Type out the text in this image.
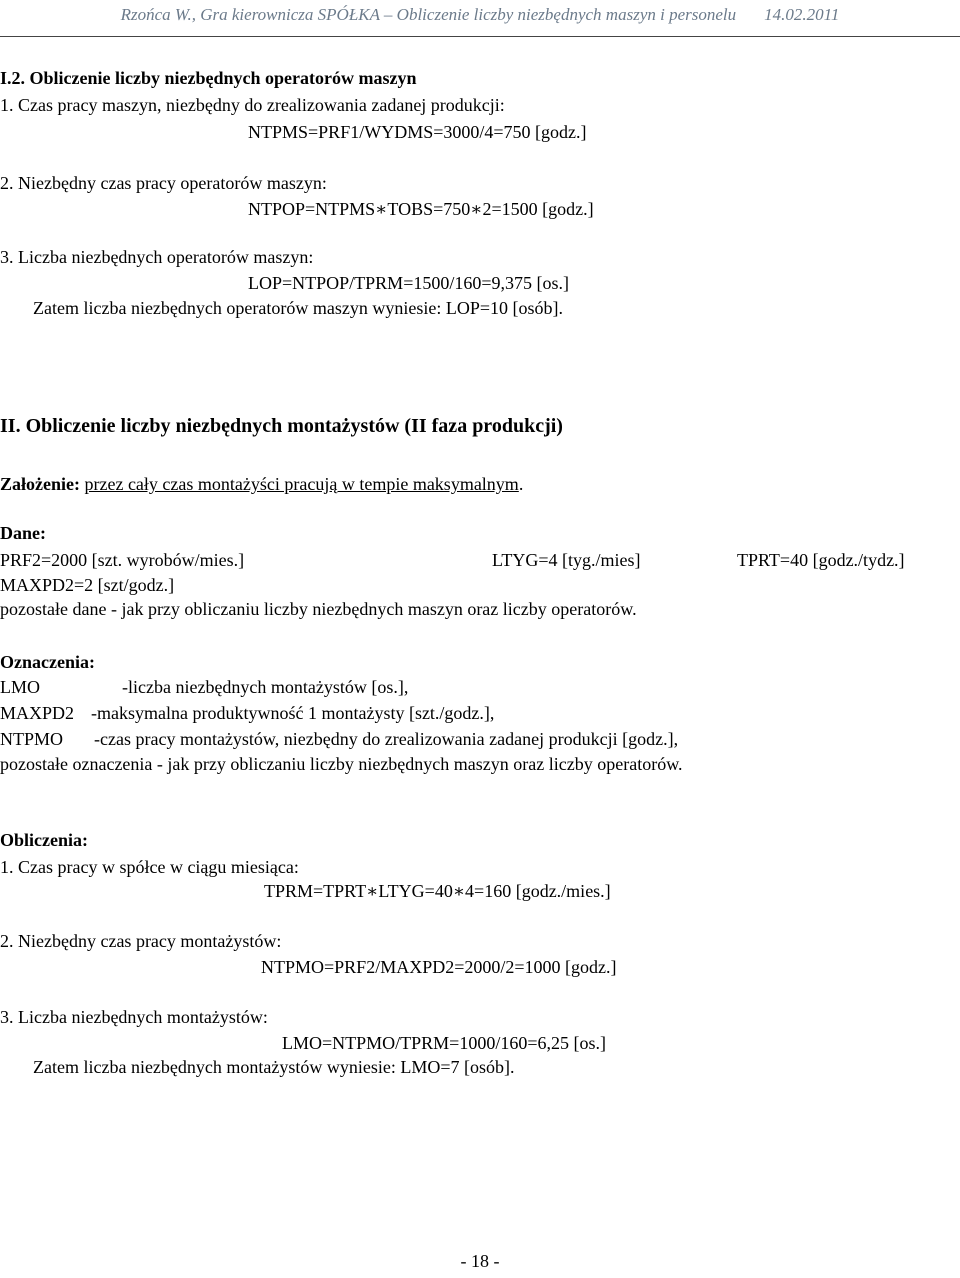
Rzońca W., Gra kierownicza SPÓŁKA – Obliczenie liczby niezbędnych maszyn i personelu 14.02.2011
I.2. Obliczenie liczby niezbędnych operatorów maszyn
1. Czas pracy maszyn, niezbędny do zrealizowania zadanej produkcji:
NTPMS=PRF1/WYDMS=3000/4=750 [godz.]
2. Niezbędny czas pracy operatorów maszyn:
NTPOP=NTPMS∗TOBS=750∗2=1500 [godz.]
3. Liczba niezbędnych operatorów maszyn:
LOP=NTPOP/TPRM=1500/160=9,375 [os.]
Zatem liczba niezbędnych operatorów maszyn wyniesie: LOP=10 [osób].
II. Obliczenie liczby niezbędnych montażystów (II faza produkcji)
Założenie: przez cały czas montażyści pracują w tempie maksymalnym.
Dane:
PRF2=2000 [szt. wyrobów/mies.]	LTYG=4 [tyg./mies]	TPRT=40 [godz./tydz.]
MAXPD2=2 [szt/godz.]
pozostałe dane - jak przy obliczaniu liczby niezbędnych maszyn oraz liczby operatorów.
Oznaczenia:
LMO	-liczba niezbędnych montażystów [os.],
MAXPD2 -maksymalna produktywność 1 montażysty [szt./godz.],
NTPMO -czas pracy montażystów, niezbędny do zrealizowania zadanej produkcji [godz.],
pozostałe oznaczenia - jak przy obliczaniu liczby niezbędnych maszyn oraz liczby operatorów.
Obliczenia:
1. Czas pracy w spółce w ciągu miesiąca:
TPRM=TPRT∗LTYG=40∗4=160 [godz./mies.]
2. Niezbędny czas pracy montażystów:
NTPMO=PRF2/MAXPD2=2000/2=1000 [godz.]
3. Liczba niezbędnych montażystów:
LMO=NTPMO/TPRM=1000/160=6,25 [os.]
Zatem liczba niezbędnych montażystów wyniesie: LMO=7 [osób].
- 18 -
